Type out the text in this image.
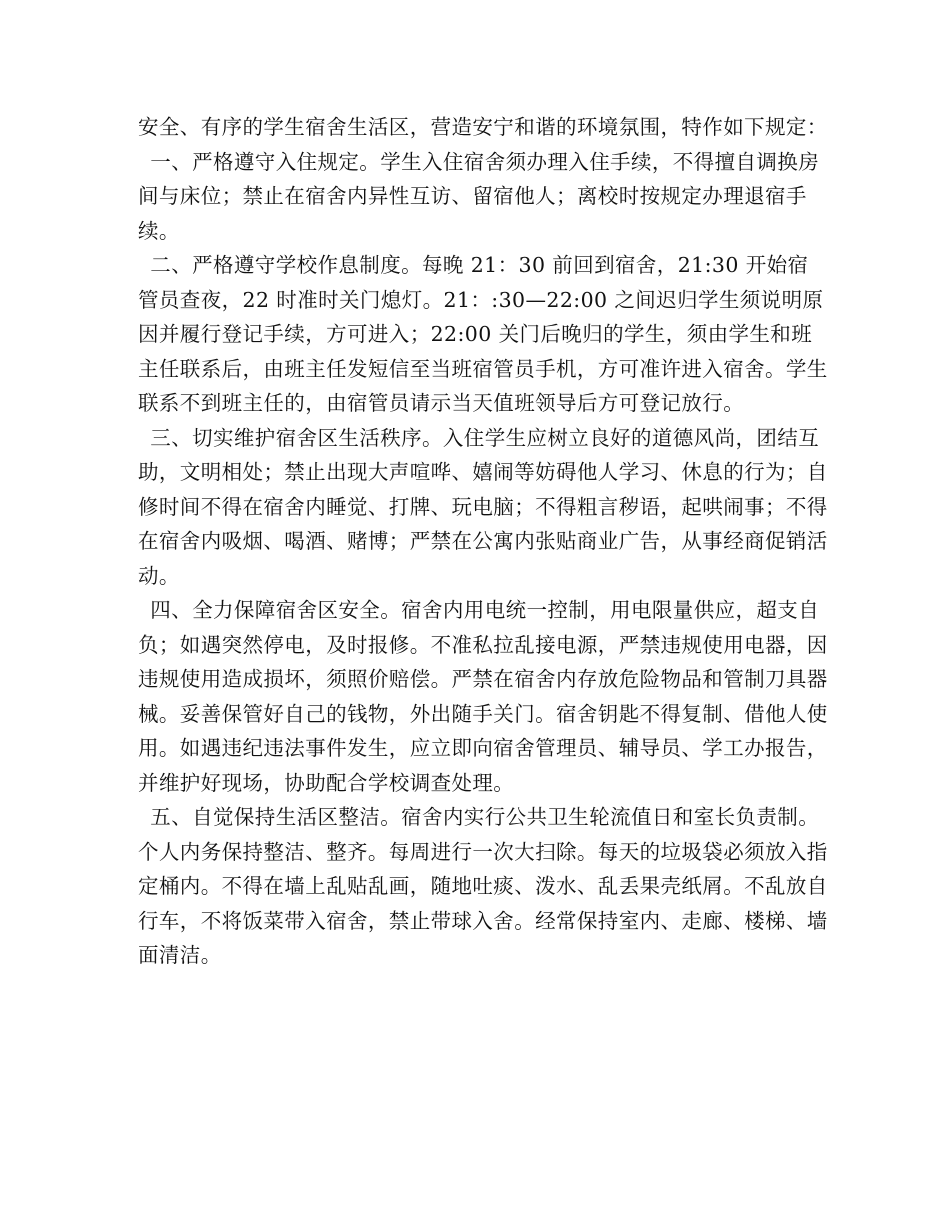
安全、有序的学生宿舍生活区，营造安宁和谐的环境氛围，特作如下规定：

一、严格遵守入住规定。学生入住宿舍须办理入住手续，不得擅自调换房间与床位；禁止在宿舍内异性互访、留宿他人；离校时按规定办理退宿手续。

二、严格遵守学校作息制度。每晚 21：30 前回到宿舍，21:30 开始宿管员查夜，22 时准时关门熄灯。21：:30—22:00 之间迟归学生须说明原因并履行登记手续，方可进入；22:00 关门后晚归的学生，须由学生和班主任联系后，由班主任发短信至当班宿管员手机，方可准许进入宿舍。学生联系不到班主任的，由宿管员请示当天值班领导后方可登记放行。

三、切实维护宿舍区生活秩序。入住学生应树立良好的道德风尚，团结互助，文明相处；禁止出现大声喧哗、嬉闹等妨碍他人学习、休息的行为；自修时间不得在宿舍内睡觉、打牌、玩电脑；不得粗言秽语，起哄闹事；不得在宿舍内吸烟、喝酒、赌博；严禁在公寓内张贴商业广告，从事经商促销活动。

四、全力保障宿舍区安全。宿舍内用电统一控制，用电限量供应，超支自负；如遇突然停电，及时报修。不准私拉乱接电源，严禁违规使用电器，因违规使用造成损坏，须照价赔偿。严禁在宿舍内存放危险物品和管制刀具器械。妥善保管好自己的钱物，外出随手关门。宿舍钥匙不得复制、借他人使用。如遇违纪违法事件发生，应立即向宿舍管理员、辅导员、学工办报告，并维护好现场，协助配合学校调查处理。

五、自觉保持生活区整洁。宿舍内实行公共卫生轮流值日和室长负责制。个人内务保持整洁、整齐。每周进行一次大扫除。每天的垃圾袋必须放入指定桶内。不得在墙上乱贴乱画，随地吐痰、泼水、乱丢果壳纸屑。不乱放自行车，不将饭菜带入宿舍，禁止带球入舍。经常保持室内、走廊、楼梯、墙面清洁。
